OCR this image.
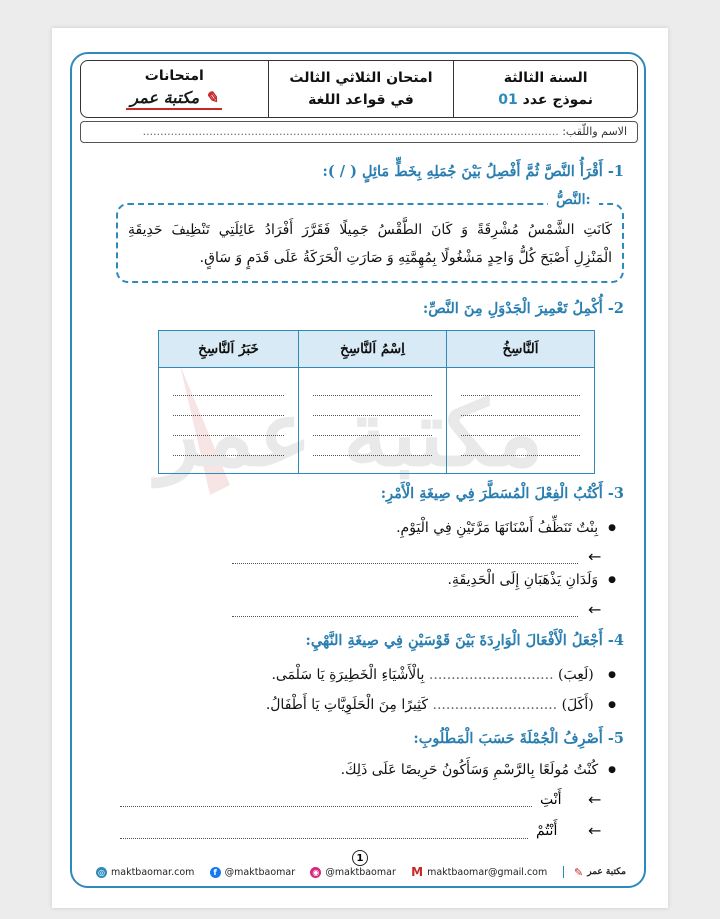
السنة الثالثة
نموذج عدد 01
امتحان الثلاثي الثالث
في قواعد اللغة
امتحانات
✎ مكتبة عمر
الاسم واللّقب: .......................................................................................................................
1- أَقْرَأُ النَّصَّ ثُمَّ أَفْصِلُ بَيْنَ جُمَلِهِ بِخَطٍّ مَائِلٍ ( / ):
النَّصُّ:
كَانَتِ الشَّمْسُ مُشْرِقَةً وَ كَانَ الطَّقْسُ جَمِيلًا فَقَرَّرَ أَفْرَادُ عَائِلَتِي تَنْظِيفَ حَدِيقَةِ
الْمَنْزِلِ أَصْبَحَ كُلُّ وَاحِدٍ مَشْغُولًا بِمُهِمَّتِهِ وَ صَارَتِ الْحَرَكَةُ عَلَى قَدَمٍ وَ سَاقٍ.
2- أُكْمِلُ تَعْمِيرَ الْجَدْوَلِ مِنَ النَّصِّ:
اَلنَّاسِخُ	اِسْمُ اَلنَّاسِخِ	خَبَرُ اَلنَّاسِخِ

3- أَكْتُبُ الْفِعْلَ الْمُسَطَّرَ فِي صِيغَةِ الْأَمْرِ:
● بِنْتٌ تَنَظِّفُ أَسْنَانَهَا مَرَّتَيْنِ فِي الْيَوْمِ.
←
● وَلَدَانِ يَذْهَبَانِ إِلَى الْحَدِيقَةِ.
←
4- أَجْعَلُ الْأَفْعَالَ الْوَارِدَةَ بَيْنَ قَوْسَيْنِ فِي صِيغَةِ النَّهْيِ:
● (لَعِبَ) ............................ بِالْأَشْيَاءِ الْخَطِيرَةِ يَا سَلْمَى.
● (أَكَلَ) ............................ كَثِيرًا مِنَ الْحَلَوِيَّاتِ يَا أَطْفَالُ.
5- أَصْرِفُ الْجُمْلَةَ حَسَبَ الْمَطْلُوبِ:
● كُنْتُ مُولَعًا بِالرَّسْمِ وَسَأَكُونُ حَرِيصًا عَلَى ذَلِكَ.
أَنْتِ ←
أَنْتُمْ ←
1
◎ maktbaomar.com	f @maktbaomar ◉ @maktbaomar M maktbaomar@gmail.com ✎ مكتبة عمر
